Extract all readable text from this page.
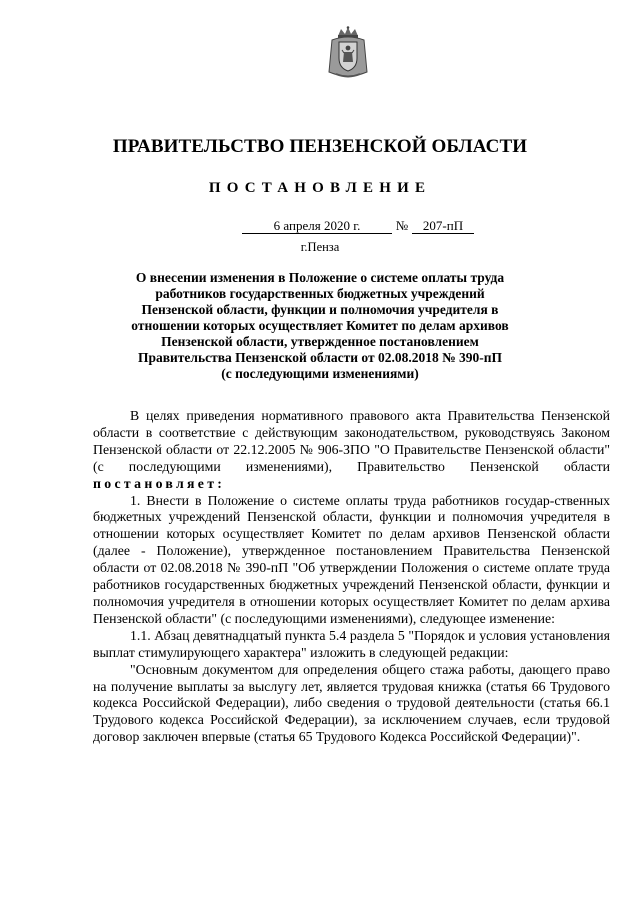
ПРАВИТЕЛЬСТВО ПЕНЗЕНСКОЙ ОБЛАСТИ
ПОСТАНОВЛЕНИЕ
6 апреля 2020 г.	№ 207-пП
г.Пенза
О внесении изменения в Положение о системе оплаты труда
работников государственных бюджетных учреждений
Пензенской области, функции и полномочия учредителя в
отношении которых осуществляет Комитет по делам архивов
Пензенской области, утвержденное постановлением
Правительства Пензенской области от 02.08.2018 № 390-пП
(с последующими изменениями)

В целях приведения нормативного правового акта Правительства Пензенской области в соответствие с действующим законодательством, руководствуясь Законом Пензенской области от 22.12.2005 № 906-ЗПО "О Правительстве Пензенской области" (с последующими изменениями), Правительство Пензенской области постановляет:

1. Внести в Положение о системе оплаты труда работников государ-ственных бюджетных учреждений Пензенской области, функции и полномочия учредителя в отношении которых осуществляет Комитет по делам архивов Пензенской области (далее - Положение), утвержденное постановлением Правительства Пензенской области от 02.08.2018 № 390-пП "Об утверждении Положения о системе оплате труда работников государственных бюджетных учреждений Пензенской области, функции и полномочия учредителя в отношении которых осуществляет Комитет по делам архива Пензенской области" (с последующими изменениями), следующее изменение:

1.1. Абзац девятнадцатый пункта 5.4 раздела 5 "Порядок и условия установления выплат стимулирующего характера" изложить в следующей редакции:

"Основным документом для определения общего стажа работы, дающего право на получение выплаты за выслугу лет, является трудовая книжка (статья 66 Трудового кодекса Российской Федерации), либо сведения о трудовой деятельности (статья 66.1 Трудового кодекса Российской Федерации), за исключением случаев, если трудовой договор заключен впервые (статья 65 Трудового Кодекса Российской Федерации)".
